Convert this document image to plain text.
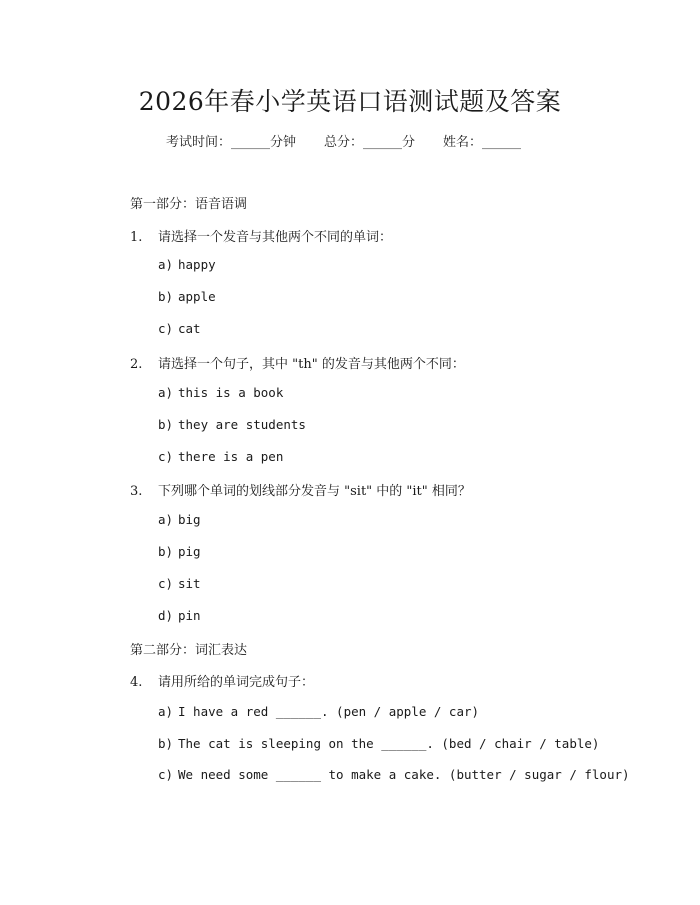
2026年春小学英语口语测试题及答案
考试时间：______分钟 总分：______分 姓名：______
第一部分：语音语调
1. 请选择一个发音与其他两个不同的单词：
a) happy
b) apple
c) cat
2. 请选择一个句子，其中 "th" 的发音与其他两个不同：
a) this is a book
b) they are students
c) there is a pen
3. 下列哪个单词的划线部分发音与 "sit" 中的 "it" 相同？
a) big
b) pig
c) sit
d) pin
第二部分：词汇表达
4. 请用所给的单词完成句子：
a) I have a red ______. (pen / apple / car)
b) The cat is sleeping on the ______. (bed / chair / table)
c) We need some ______ to make a cake. (butter / sugar / flour)
